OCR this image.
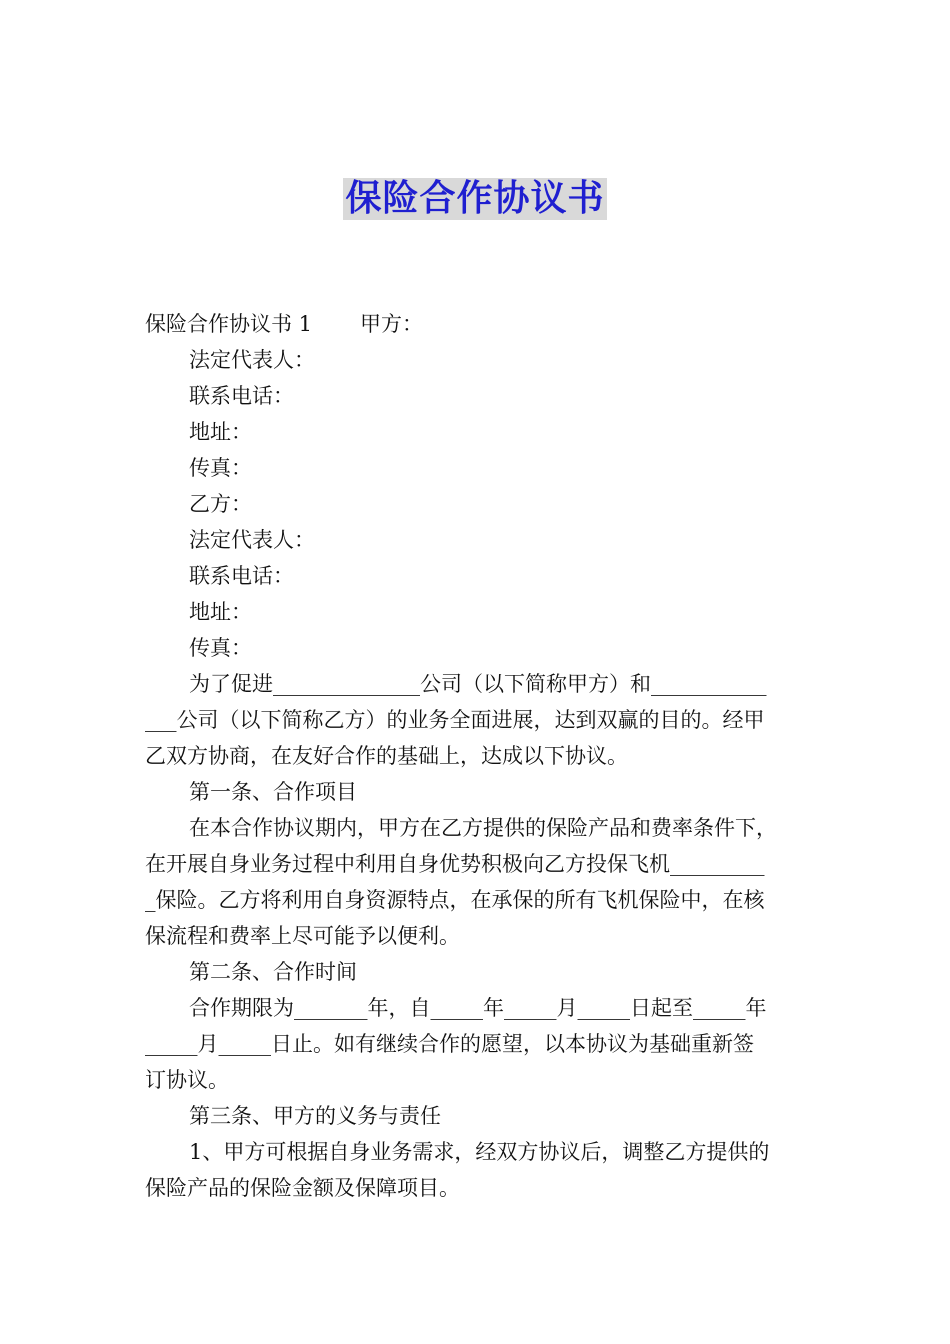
保险合作协议书
保险合作协议书 1 甲方：
法定代表人：
联系电话：
地址：
传真：
乙方：
法定代表人：
联系电话：
地址：
传真：
为了促进______________公司（以下简称甲方）和___________
___公司（以下简称乙方）的业务全面进展，达到双赢的目的。经甲
乙双方协商，在友好合作的基础上，达成以下协议。
第一条、合作项目
在本合作协议期内，甲方在乙方提供的保险产品和费率条件下，
在开展自身业务过程中利用自身优势积极向乙方投保飞机_________
_保险。乙方将利用自身资源特点，在承保的所有飞机保险中，在核
保流程和费率上尽可能予以便利。
第二条、合作时间
合作期限为_______年，自_____年_____月_____日起至_____年
_____月_____日止。如有继续合作的愿望，以本协议为基础重新签
订协议。
第三条、甲方的义务与责任
1、甲方可根据自身业务需求，经双方协议后，调整乙方提供的
保险产品的保险金额及保障项目。
